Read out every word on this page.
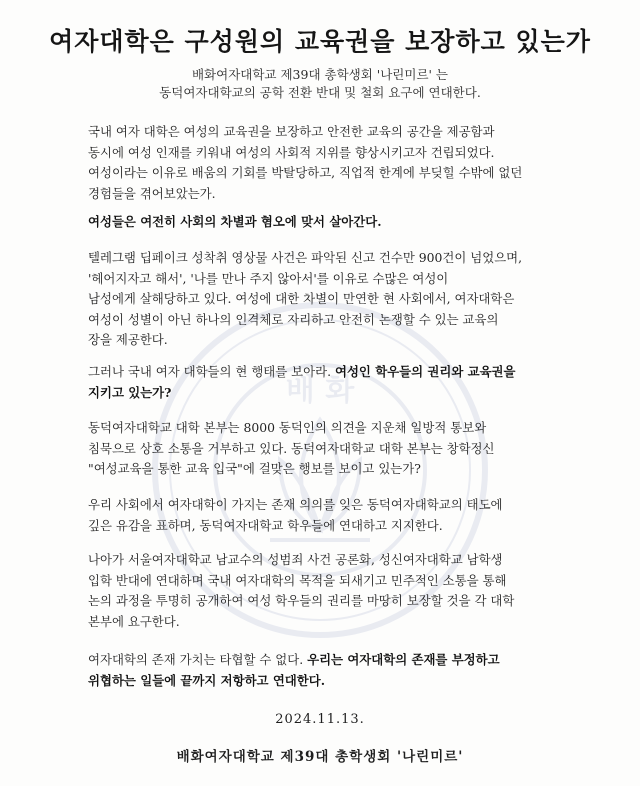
배 화
여자대학은 구성원의 교육권을 보장하고 있는가
배화여자대학교 제39대 총학생회 '나린미르' 는
동덕여자대학교의 공학 전환 반대 및 철회 요구에 연대한다.
국내 여자 대학은 여성의 교육권을 보장하고 안전한 교육의 공간을 제공함과
동시에 여성 인재를 키워내 여성의 사회적 지위를 향상시키고자 건립되었다.
여성이라는 이유로 배움의 기회를 박탈당하고, 직업적 한계에 부딪힐 수밖에 없던
경험들을 겪어보았는가.
여성들은 여전히 사회의 차별과 혐오에 맞서 살아간다.
텔레그램 딥페이크 성착취 영상물 사건은 파악된 신고 건수만 900건이 넘었으며,
'헤어지자고 해서', '나를 만나 주지 않아서'를 이유로 수많은 여성이
남성에게 살해당하고 있다. 여성에 대한 차별이 만연한 현 사회에서, 여자대학은
여성이 성별이 아닌 하나의 인격체로 자리하고 안전히 논쟁할 수 있는 교육의
장을 제공한다.
그러나 국내 여자 대학들의 현 행태를 보아라. 여성인 학우들의 권리와 교육권을
지키고 있는가?
동덕여자대학교 대학 본부는 8000 동덕인의 의견을 지운채 일방적 통보와
침묵으로 상호 소통을 거부하고 있다. 동덕여자대학교 대학 본부는 창학정신
"여성교육을 통한 교육 입국"에 걸맞은 행보를 보이고 있는가?
우리 사회에서 여자대학이 가지는 존재 의의를 잊은 동덕여자대학교의 태도에
깊은 유감을 표하며, 동덕여자대학교 학우들에 연대하고 지지한다.
나아가 서울여자대학교 남교수의 성범죄 사건 공론화, 성신여자대학교 남학생
입학 반대에 연대하며 국내 여자대학의 목적을 되새기고 민주적인 소통을 통해
논의 과정을 투명히 공개하여 여성 학우들의 권리를 마땅히 보장할 것을 각 대학
본부에 요구한다.
여자대학의 존재 가치는 타협할 수 없다. 우리는 여자대학의 존재를 부정하고
위협하는 일들에 끝까지 저항하고 연대한다.
2024.11.13.
배화여자대학교 제39대 총학생회 '나린미르'
